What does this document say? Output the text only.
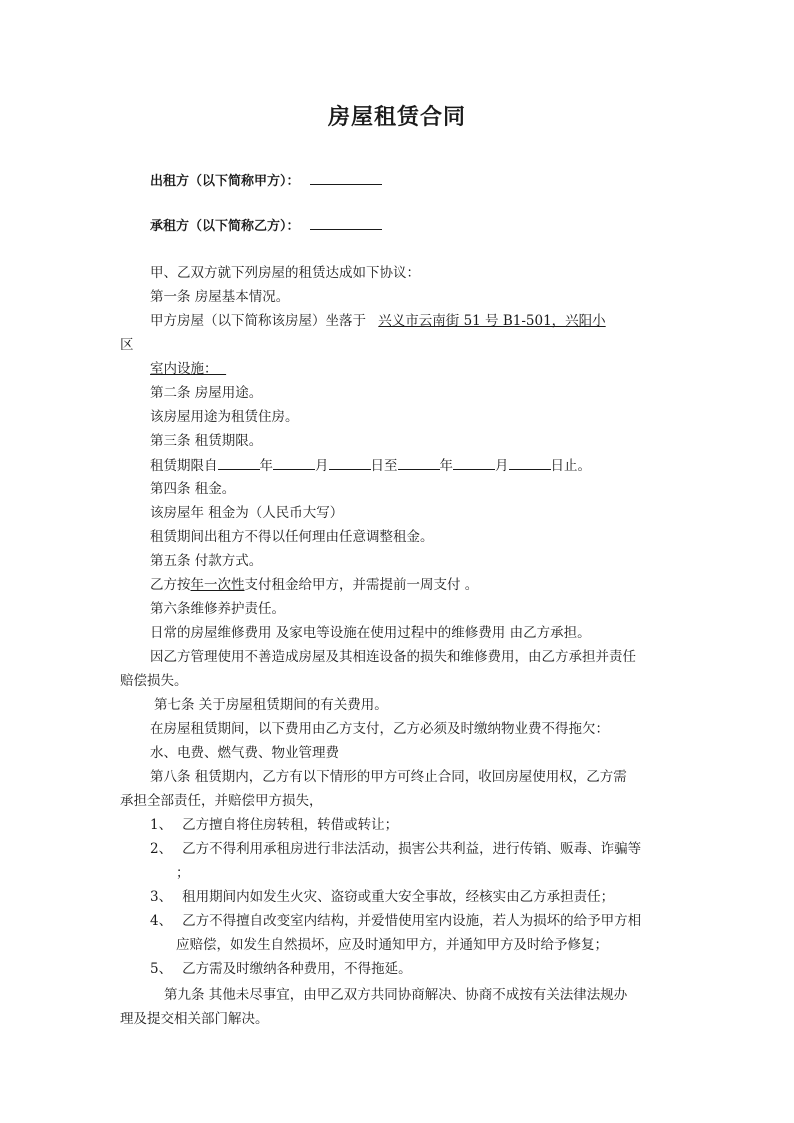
房屋租赁合同
出租方（以下简称甲方）：
承租方（以下简称乙方）：
甲、乙双方就下列房屋的租赁达成如下协议：
第一条 房屋基本情况。
甲方房屋（以下简称该房屋）坐落于 兴义市云南街 51 号 B1-501，兴阳小
区
室内设施：
第二条 房屋用途。
该房屋用途为租赁住房。
第三条 租赁期限。
租赁期限自	年	月	日至	年	月	日止。
第四条 租金。
该房屋年 租金为（人民币大写）
租赁期间出租方不得以任何理由任意调整租金。
第五条 付款方式。
乙方按年一次性支付租金给甲方，并需提前一周支付 。
第六条维修养护责任。
日常的房屋维修费用 及家电等设施在使用过程中的维修费用 由乙方承担。
因乙方管理使用不善造成房屋及其相连设备的损失和维修费用，由乙方承担并责任
赔偿损失。
第七条 关于房屋租赁期间的有关费用。
在房屋租赁期间，以下费用由乙方支付，乙方必须及时缴纳物业费不得拖欠：
水、电费、燃气费、物业管理费
第八条 租赁期内，乙方有以下情形的甲方可终止合同，收回房屋使用权，乙方需
承担全部责任，并赔偿甲方损失，
1、 乙方擅自将住房转租，转借或转让；
2、 乙方不得利用承租房进行非法活动，损害公共利益，进行传销、贩毒、诈骗等
；
3、 租用期间内如发生火灾、盗窃或重大安全事故，经核实由乙方承担责任；
4、 乙方不得擅自改变室内结构，并爱惜使用室内设施，若人为损坏的给予甲方相
应赔偿，如发生自然损坏，应及时通知甲方，并通知甲方及时给予修复；
5、 乙方需及时缴纳各种费用，不得拖延。
第九条 其他未尽事宜，由甲乙双方共同协商解决、协商不成按有关法律法规办
理及提交相关部门解决。
